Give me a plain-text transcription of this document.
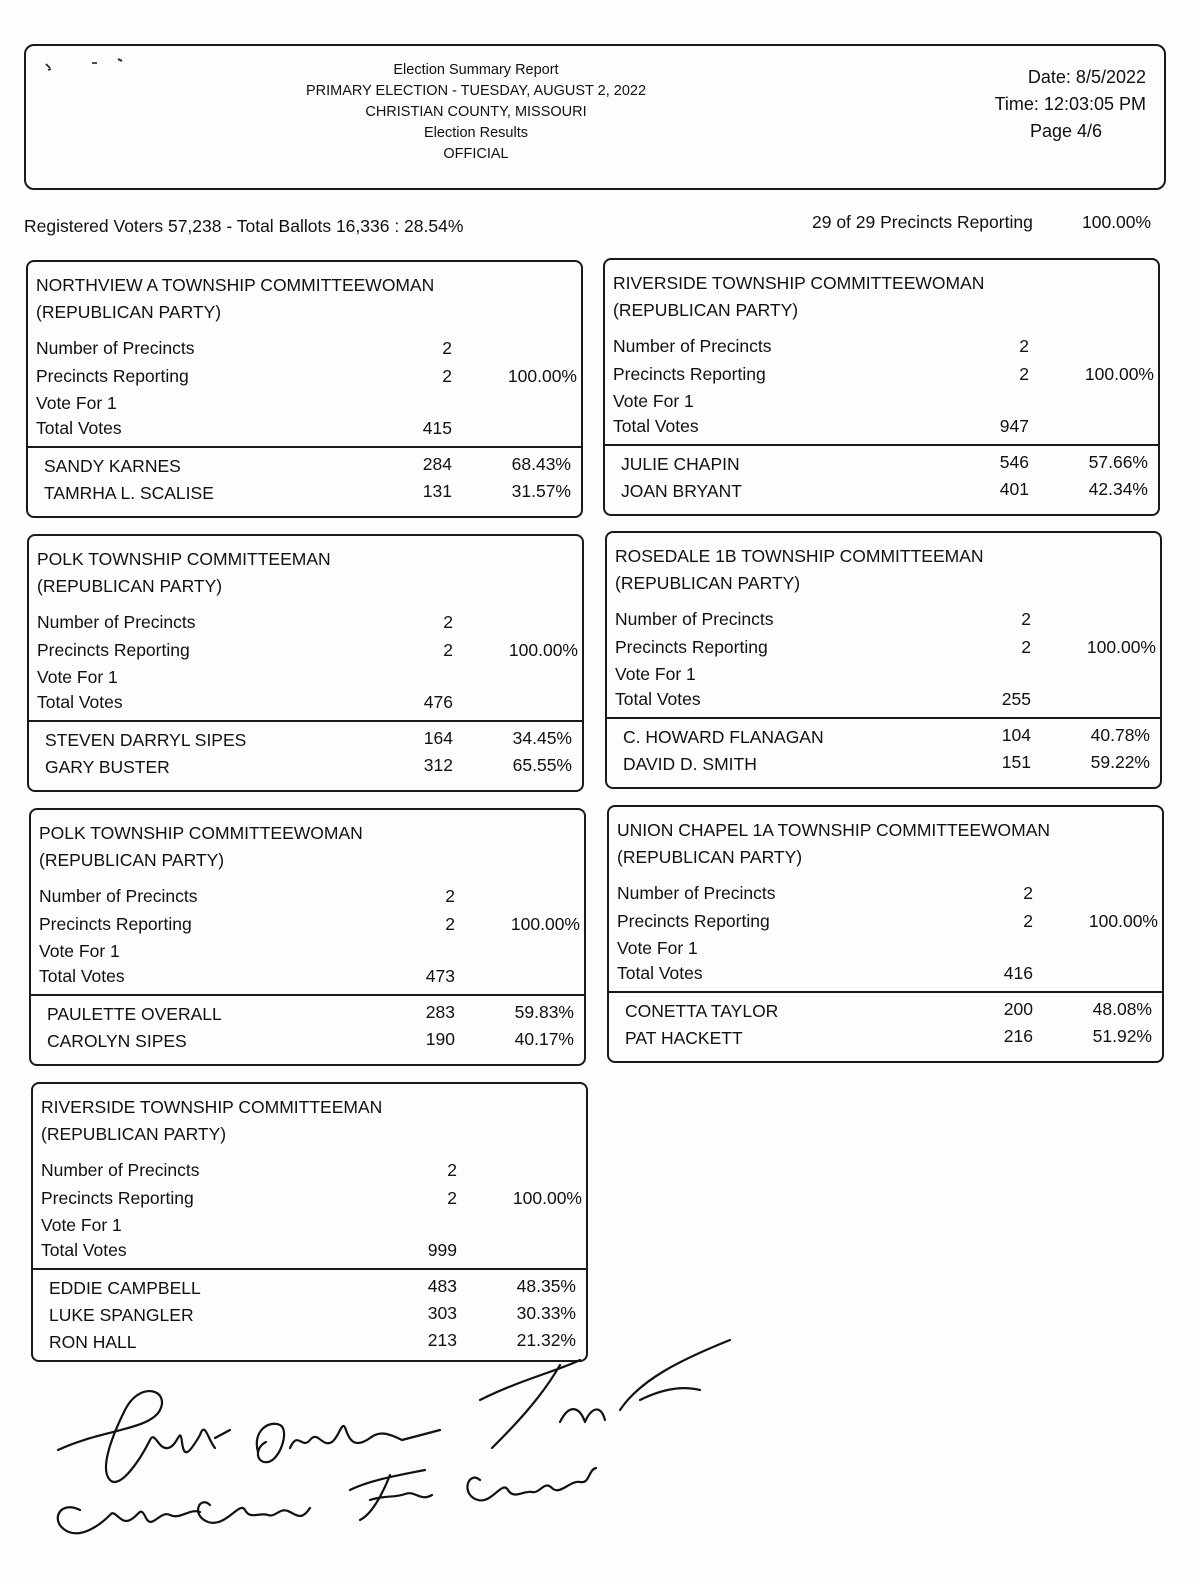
Election Summary Report
PRIMARY ELECTION - TUESDAY, AUGUST 2, 2022
CHRISTIAN COUNTY, MISSOURI
Election Results
OFFICIAL
Date: 8/5/2022
Time: 12:03:05 PM
Page 4/6
Registered Voters 57,238 - Total Ballots 16,336 : 28.54%	29 of 29 Precincts Reporting	100.00%
NORTHVIEW A TOWNSHIP COMMITTEEWOMAN
(REPUBLICAN PARTY)
Number of Precincts	2
Precincts Reporting	2	100.00%
Vote For 1
Total Votes	415
SANDY KARNES	284	68.43%
TAMRHA L. SCALISE	131	31.57%
RIVERSIDE TOWNSHIP COMMITTEEWOMAN
(REPUBLICAN PARTY)
Number of Precincts	2
Precincts Reporting	2	100.00%
Vote For 1
Total Votes	947
JULIE CHAPIN	546	57.66%
JOAN BRYANT	401	42.34%
POLK TOWNSHIP COMMITTEEMAN
(REPUBLICAN PARTY)
Number of Precincts	2
Precincts Reporting	2	100.00%
Vote For 1
Total Votes	476
STEVEN DARRYL SIPES	164	34.45%
GARY BUSTER	312	65.55%
ROSEDALE 1B TOWNSHIP COMMITTEEMAN
(REPUBLICAN PARTY)
Number of Precincts	2
Precincts Reporting	2	100.00%
Vote For 1
Total Votes	255
C. HOWARD FLANAGAN	104	40.78%
DAVID D. SMITH	151	59.22%
POLK TOWNSHIP COMMITTEEWOMAN
(REPUBLICAN PARTY)
Number of Precincts	2
Precincts Reporting	2	100.00%
Vote For 1
Total Votes	473
PAULETTE OVERALL	283	59.83%
CAROLYN SIPES	190	40.17%
UNION CHAPEL 1A TOWNSHIP COMMITTEEWOMAN
(REPUBLICAN PARTY)
Number of Precincts	2
Precincts Reporting	2	100.00%
Vote For 1
Total Votes	416
CONETTA TAYLOR	200	48.08%
PAT HACKETT	216	51.92%
RIVERSIDE TOWNSHIP COMMITTEEMAN
(REPUBLICAN PARTY)
Number of Precincts	2
Precincts Reporting	2	100.00%
Vote For 1
Total Votes	999
EDDIE CAMPBELL	483	48.35%
LUKE SPANGLER	303	30.33%
RON HALL	213	21.32%
